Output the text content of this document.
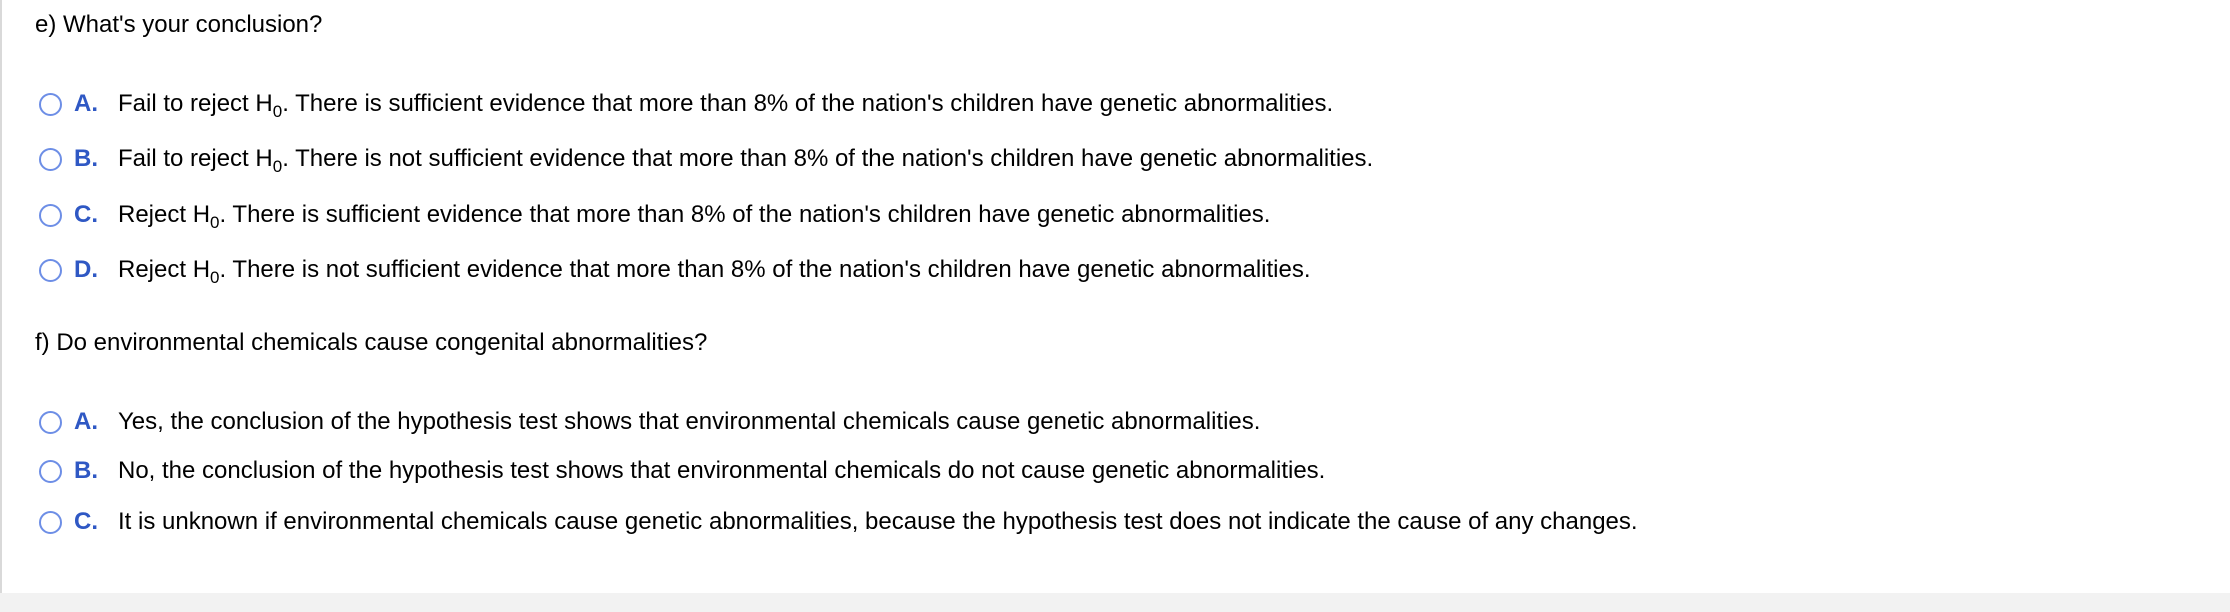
e) What's your conclusion?
A. Fail to reject $H_0$. There is sufficient evidence that more than 8% of the nation's children have genetic abnormalities.
B. Fail to reject $H_0$. There is not sufficient evidence that more than 8% of the nation's children have genetic abnormalities.
C. Reject $H_0$. There is sufficient evidence that more than 8% of the nation's children have genetic abnormalities.
D. Reject $H_0$. There is not sufficient evidence that more than 8% of the nation's children have genetic abnormalities.
f) Do environmental chemicals cause congenital abnormalities?
A. Yes, the conclusion of the hypothesis test shows that environmental chemicals cause genetic abnormalities.
B. No, the conclusion of the hypothesis test shows that environmental chemicals do not cause genetic abnormalities.
C. It is unknown if environmental chemicals cause genetic abnormalities, because the hypothesis test does not indicate the cause of any changes.
